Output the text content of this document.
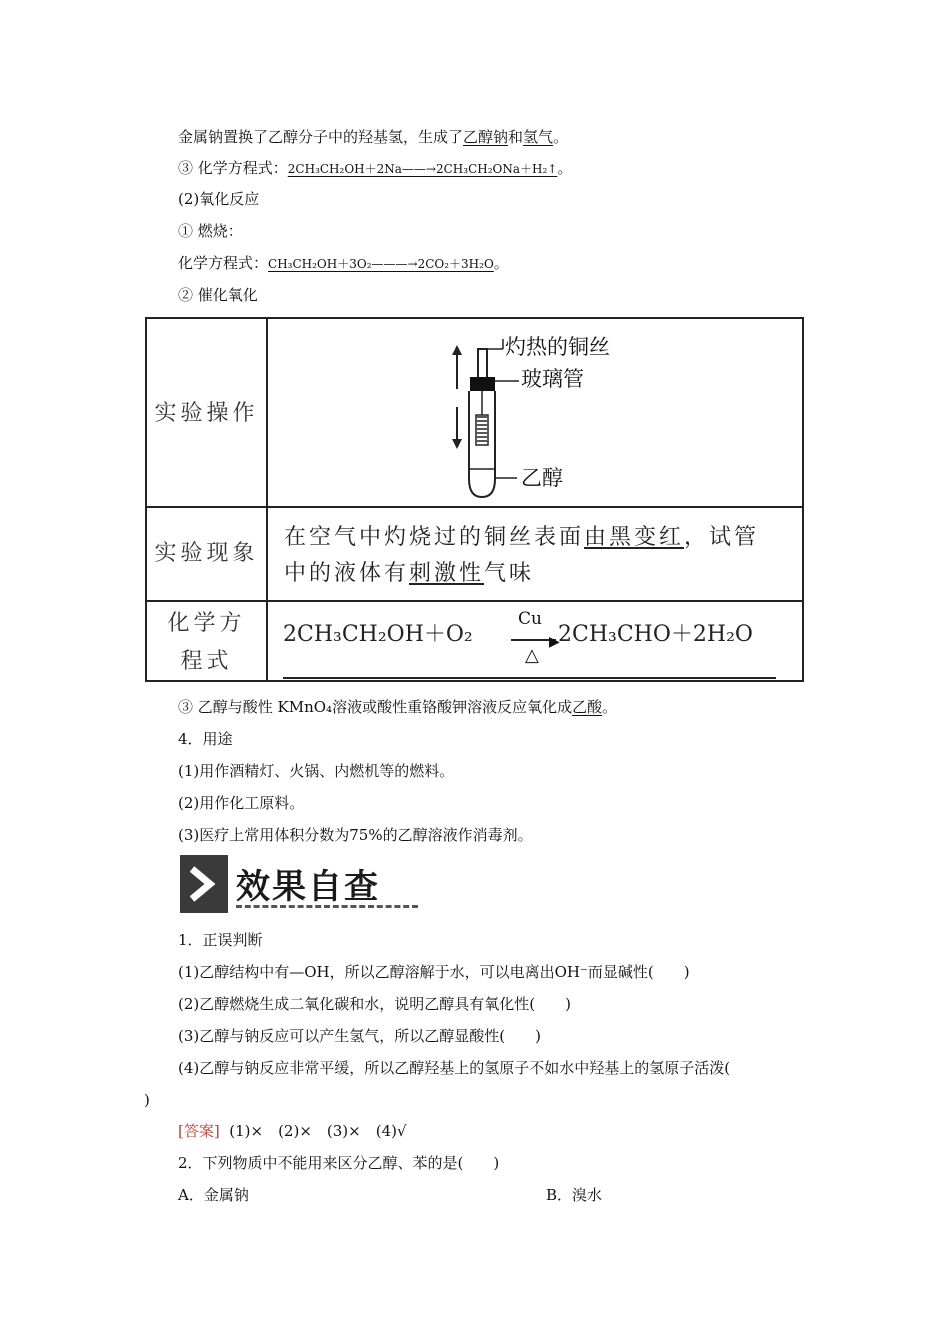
金属钠置换了乙醇分子中的羟基氢，生成了乙醇钠和氢气。
③ 化学方程式：2CH₃CH₂OH＋2Na——→2CH₃CH₂ONa＋H₂↑。
(2)氧化反应
① 燃烧：
化学方程式：CH₃CH₂OH＋3O₂———→2CO₂＋3H₂O。
② 催化氧化
实验操作
实验现象
化学方
程式
灼热的铜丝
玻璃管
乙醇
在空气中灼烧过的铜丝表面由黑变红，试管
中的液体有刺激性气味
2CH₃CH₂OH＋O₂
Cu
▶
△
2CH₃CHO＋2H₂O
③ 乙醇与酸性 KMnO₄溶液或酸性重铬酸钾溶液反应氧化成乙酸。
4．用途
(1)用作酒精灯、火锅、内燃机等的燃料。
(2)用作化工原料。
(3)医疗上常用体积分数为75%的乙醇溶液作消毒剂。
效果自查
1．正误判断
(1)乙醇结构中有—OH，所以乙醇溶解于水，可以电离出OH⁻而显碱性(　　)
(2)乙醇燃烧生成二氧化碳和水，说明乙醇具有氧化性(　　)
(3)乙醇与钠反应可以产生氢气，所以乙醇显酸性(　　)
(4)乙醇与钠反应非常平缓，所以乙醇羟基上的氢原子不如水中羟基上的氢原子活泼(
)
[答案] (1)×　(2)×　(3)×　(4)√
2．下列物质中不能用来区分乙醇、苯的是(　　)
A．金属钠	B．溴水
